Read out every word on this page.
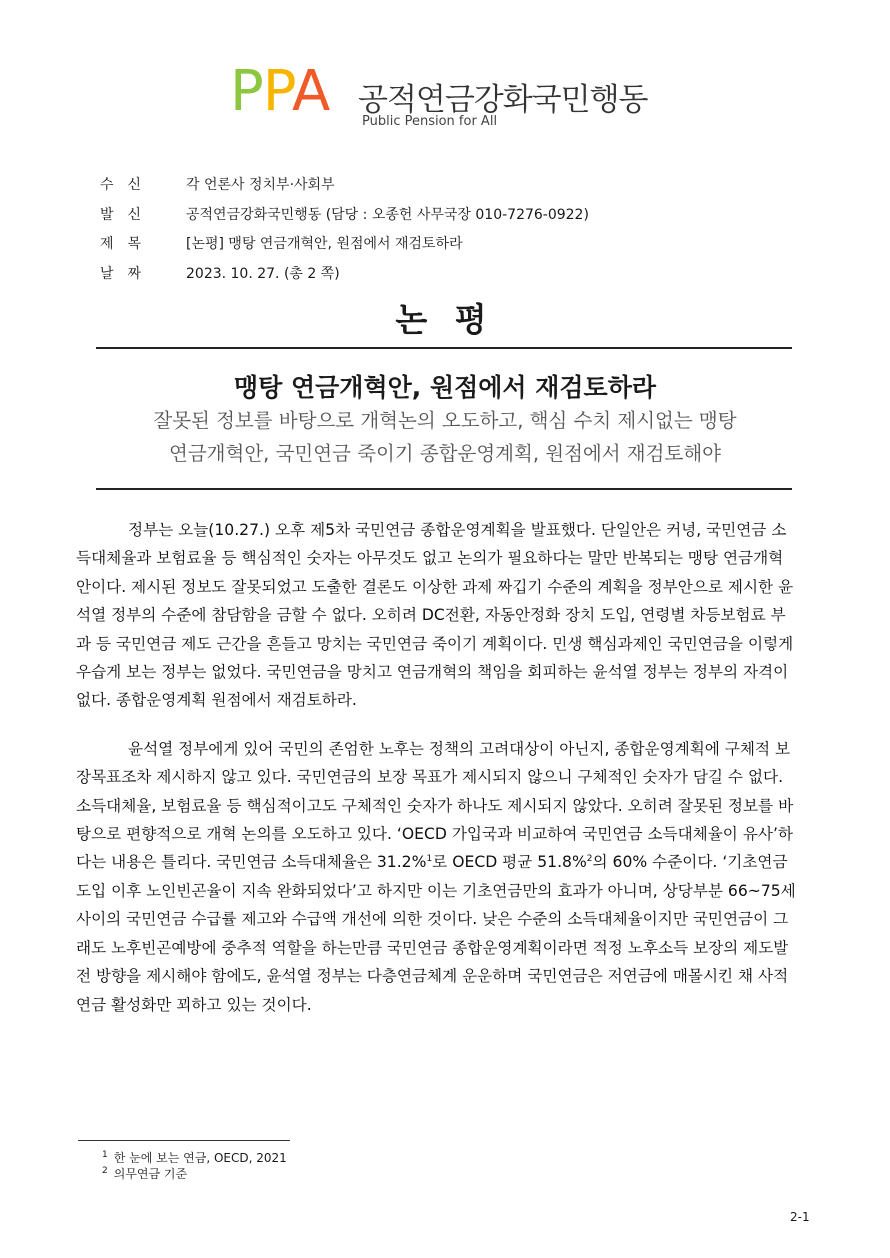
PPA 공적연금강화국민행동
Public Pension for All
수신 각 언론사 정치부·사회부
발신 공적연금강화국민행동 (담당 : 오종헌 사무국장 010-7276-0922)
제목 [논평] 맹탕 연금개혁안, 원점에서 재검토하라
날짜 2023. 10. 27. (총 2 쪽)
논 평
맹탕 연금개혁안, 원점에서 재검토하라
잘못된 정보를 바탕으로 개혁논의 오도하고, 핵심 수치 제시없는 맹탕
연금개혁안, 국민연금 죽이기 종합운영계획, 원점에서 재검토해야

정부는 오늘(10.27.) 오후 제5차 국민연금 종합운영계획을 발표했다. 단일안은 커녕, 국민연금 소득대체율과 보험료율 등 핵심적인 숫자는 아무것도 없고 논의가 필요하다는 말만 반복되는 맹탕 연금개혁안이다. 제시된 정보도 잘못되었고 도출한 결론도 이상한 과제 짜깁기 수준의 계획을 정부안으로 제시한 윤석열 정부의 수준에 참담함을 금할 수 없다. 오히려 DC전환, 자동안정화 장치 도입, 연령별 차등보험료 부과 등 국민연금 제도 근간을 흔들고 망치는 국민연금 죽이기 계획이다. 민생 핵심과제인 국민연금을 이렇게 우습게 보는 정부는 없었다. 국민연금을 망치고 연금개혁의 책임을 회피하는 윤석열 정부는 정부의 자격이 없다. 종합운영계획 원점에서 재검토하라.

윤석열 정부에게 있어 국민의 존엄한 노후는 정책의 고려대상이 아닌지, 종합운영계획에 구체적 보장목표조차 제시하지 않고 있다. 국민연금의 보장 목표가 제시되지 않으니 구체적인 숫자가 담길 수 없다. 소득대체율, 보험료율 등 핵심적이고도 구체적인 숫자가 하나도 제시되지 않았다. 오히려 잘못된 정보를 바탕으로 편향적으로 개혁 논의를 오도하고 있다. ‘OECD 가입국과 비교하여 국민연금 소득대체율이 유사’하다는 내용은 틀리다. 국민연금 소득대체율은 31.2%$^1$로 OECD 평균 51.8%$^2$의 60% 수준이다. ‘기초연금 도입 이후 노인빈곤율이 지속 완화되었다’고 하지만 이는 기초연금만의 효과가 아니며, 상당부분 66~75세 사이의 국민연금 수급률 제고와 수급액 개선에 의한 것이다. 낮은 수준의 소득대체율이지만 국민연금이 그래도 노후빈곤예방에 중추적 역할을 하는만큼 국민연금 종합운영계획이라면 적정 노후소득 보장의 제도발전 방향을 제시해야 함에도, 윤석열 정부는 다층연금체계 운운하며 국민연금은 저연금에 매몰시킨 채 사적연금 활성화만 꾀하고 있는 것이다.

$^1$ 한 눈에 보는 연금, OECD, 2021
$^2$ 의무연금 기준
2-1
